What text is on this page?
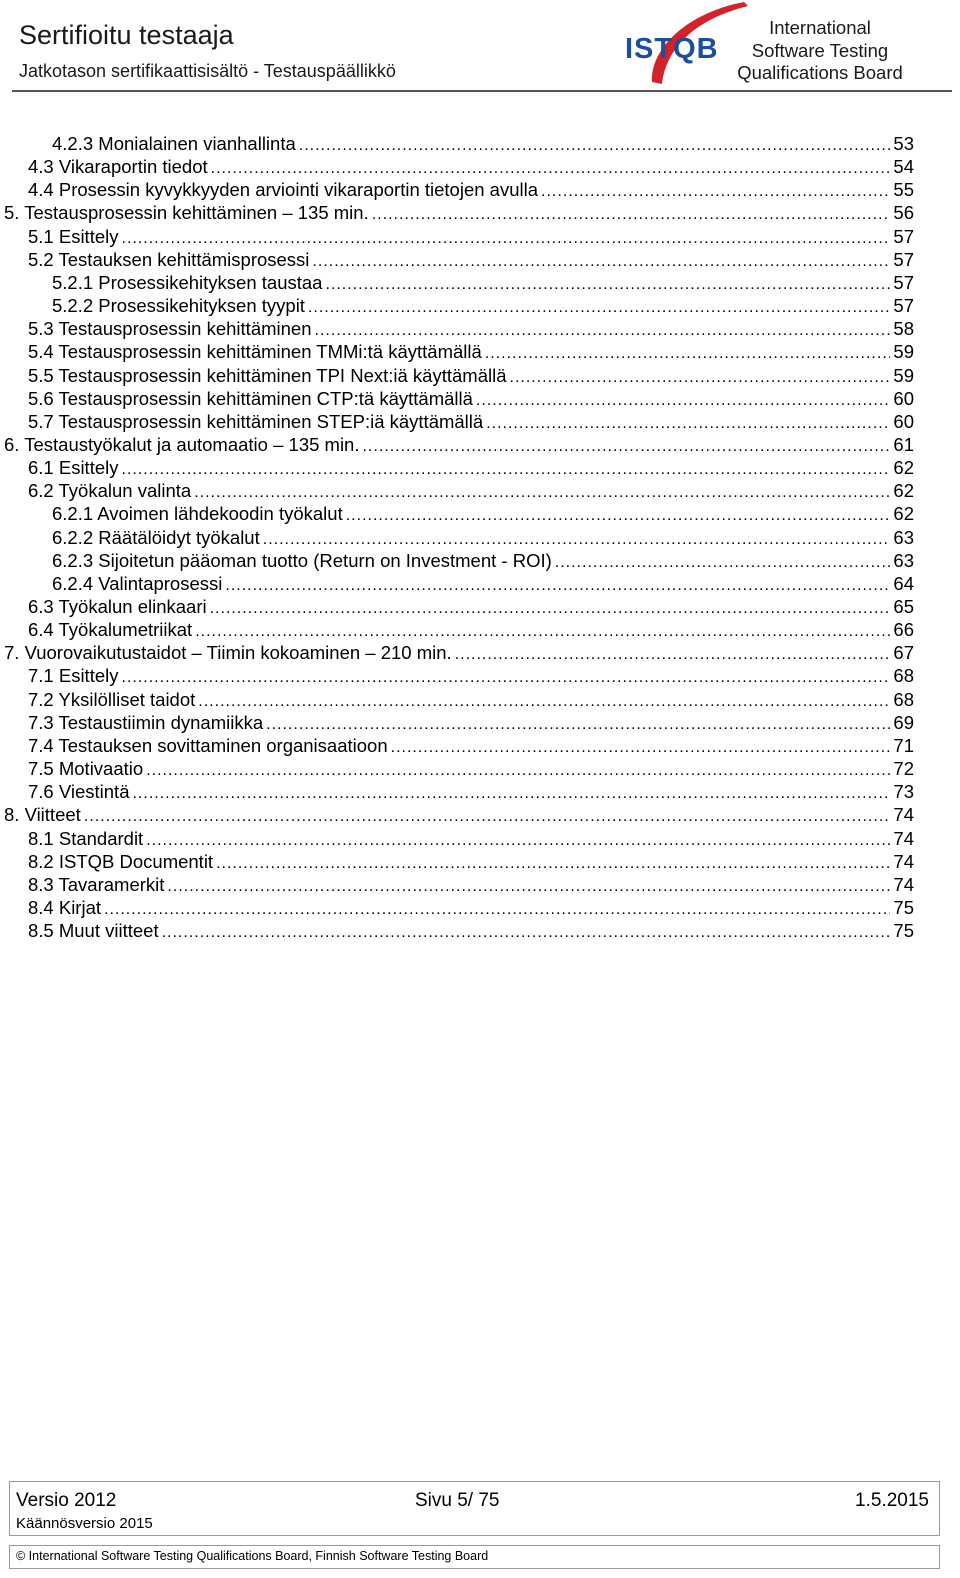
Sertifioitu testaaja
Jatkotason sertifikaattisisältö - Testauspäällikkö
ISTQB
International
Software Testing
Qualifications Board
4.2.3 Monialainen vianhallinta .....	53
4.3 Vikaraportin tiedot .....	54
4.4 Prosessin kyvykkyyden arviointi vikaraportin tietojen avulla .....	55
5. Testausprosessin kehittäminen – 135 min. .....	56
5.1 Esittely .....	57
5.2 Testauksen kehittämisprosessi .....	57
5.2.1 Prosessikehityksen taustaa .....	57
5.2.2 Prosessikehityksen tyypit .....	57
5.3 Testausprosessin kehittäminen .....	58
5.4 Testausprosessin kehittäminen TMMi:tä käyttämällä .....	59
5.5 Testausprosessin kehittäminen TPI Next:iä käyttämällä .....	59
5.6 Testausprosessin kehittäminen CTP:tä käyttämällä .....	60
5.7 Testausprosessin kehittäminen STEP:iä käyttämällä .....	60
6. Testaustyökalut ja automaatio – 135 min. .....	61
6.1 Esittely .....	62
6.2 Työkalun valinta .....	62
6.2.1 Avoimen lähdekoodin työkalut .....	62
6.2.2 Räätälöidyt työkalut .....	63
6.2.3 Sijoitetun pääoman tuotto (Return on Investment - ROI) .....	63
6.2.4 Valintaprosessi .....	64
6.3 Työkalun elinkaari .....	65
6.4 Työkalumetriikat .....	66
7. Vuorovaikutustaidot – Tiimin kokoaminen – 210 min. .....	67
7.1 Esittely .....	68
7.2 Yksilölliset taidot .....	68
7.3 Testaustiimin dynamiikka .....	69
7.4 Testauksen sovittaminen organisaatioon .....	71
7.5 Motivaatio .....	72
7.6 Viestintä .....	73
8. Viitteet .....	74
8.1 Standardit .....	74
8.2 ISTQB Documentit .....	74
8.3 Tavaramerkit .....	74
8.4 Kirjat .....	75
8.5 Muut viitteet .....	75
Versio 2012
Käännösversio 2015
Sivu 5/ 75	1.5.2015
© International Software Testing Qualifications Board, Finnish Software Testing Board
